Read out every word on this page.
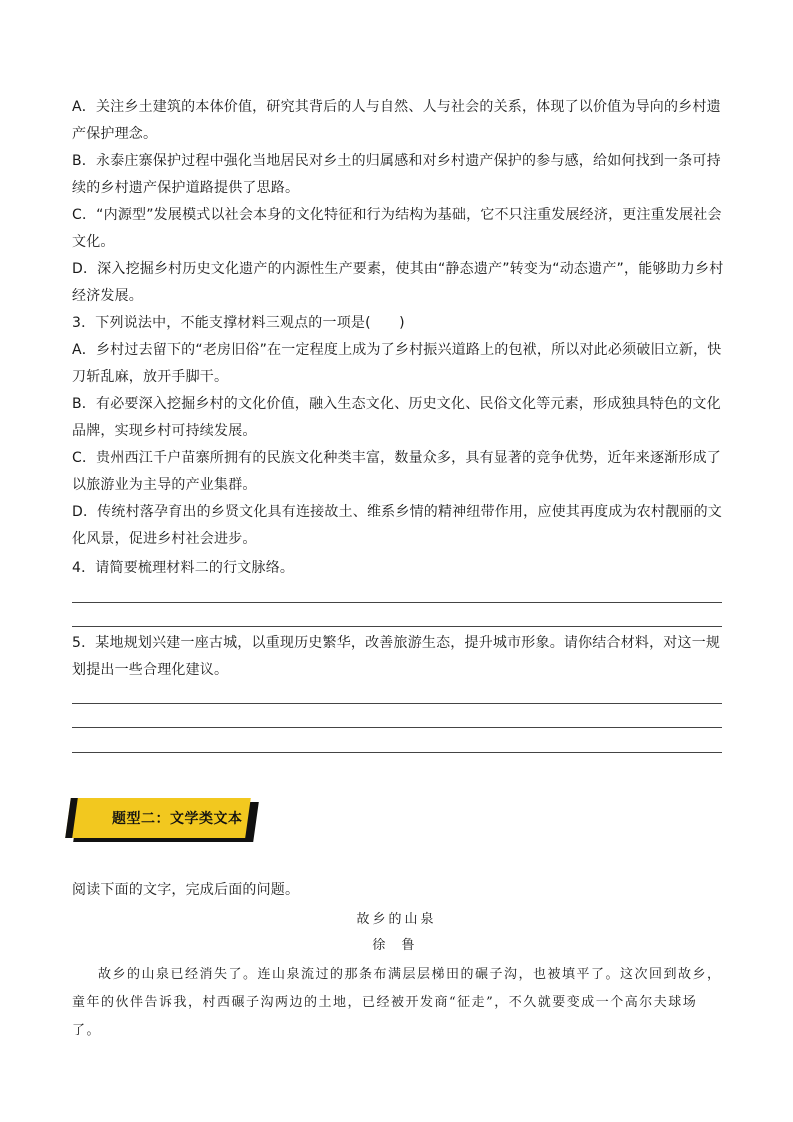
A．关注乡土建筑的本体价值，研究其背后的人与自然、人与社会的关系，体现了以价值为导向的乡村遗产保护理念。

B．永泰庄寨保护过程中强化当地居民对乡土的归属感和对乡村遗产保护的参与感，给如何找到一条可持续的乡村遗产保护道路提供了思路。

C．“内源型”发展模式以社会本身的文化特征和行为结构为基础，它不只注重发展经济，更注重发展社会文化。

D．深入挖掘乡村历史文化遗产的内源性生产要素，使其由“静态遗产”转变为“动态遗产”，能够助力乡村经济发展。

3．下列说法中，不能支撑材料三观点的一项是(　　)

A．乡村过去留下的“老房旧俗”在一定程度上成为了乡村振兴道路上的包袱，所以对此必须破旧立新，快刀斩乱麻，放开手脚干。

B．有必要深入挖掘乡村的文化价值，融入生态文化、历史文化、民俗文化等元素，形成独具特色的文化品牌，实现乡村可持续发展。

C．贵州西江千户苗寨所拥有的民族文化种类丰富，数量众多，具有显著的竞争优势，近年来逐渐形成了以旅游业为主导的产业集群。

D．传统村落孕育出的乡贤文化具有连接故土、维系乡情的精神纽带作用，应使其再度成为农村靓丽的文化风景，促进乡村社会进步。

4．请简要梳理材料二的行文脉络。

5．某地规划兴建一座古城，以重现历史繁华，改善旅游生态，提升城市形象。请你结合材料，对这一规划提出一些合理化建议。

题型二：文学类文本

阅读下面的文字，完成后面的问题。

故乡的山泉
徐 鲁

故乡的山泉已经消失了。连山泉流过的那条布满层层梯田的碾子沟，也被填平了。这次回到故乡，童年的伙伴告诉我，村西碾子沟两边的土地，已经被开发商“征走”，不久就要变成一个高尔夫球场了。
